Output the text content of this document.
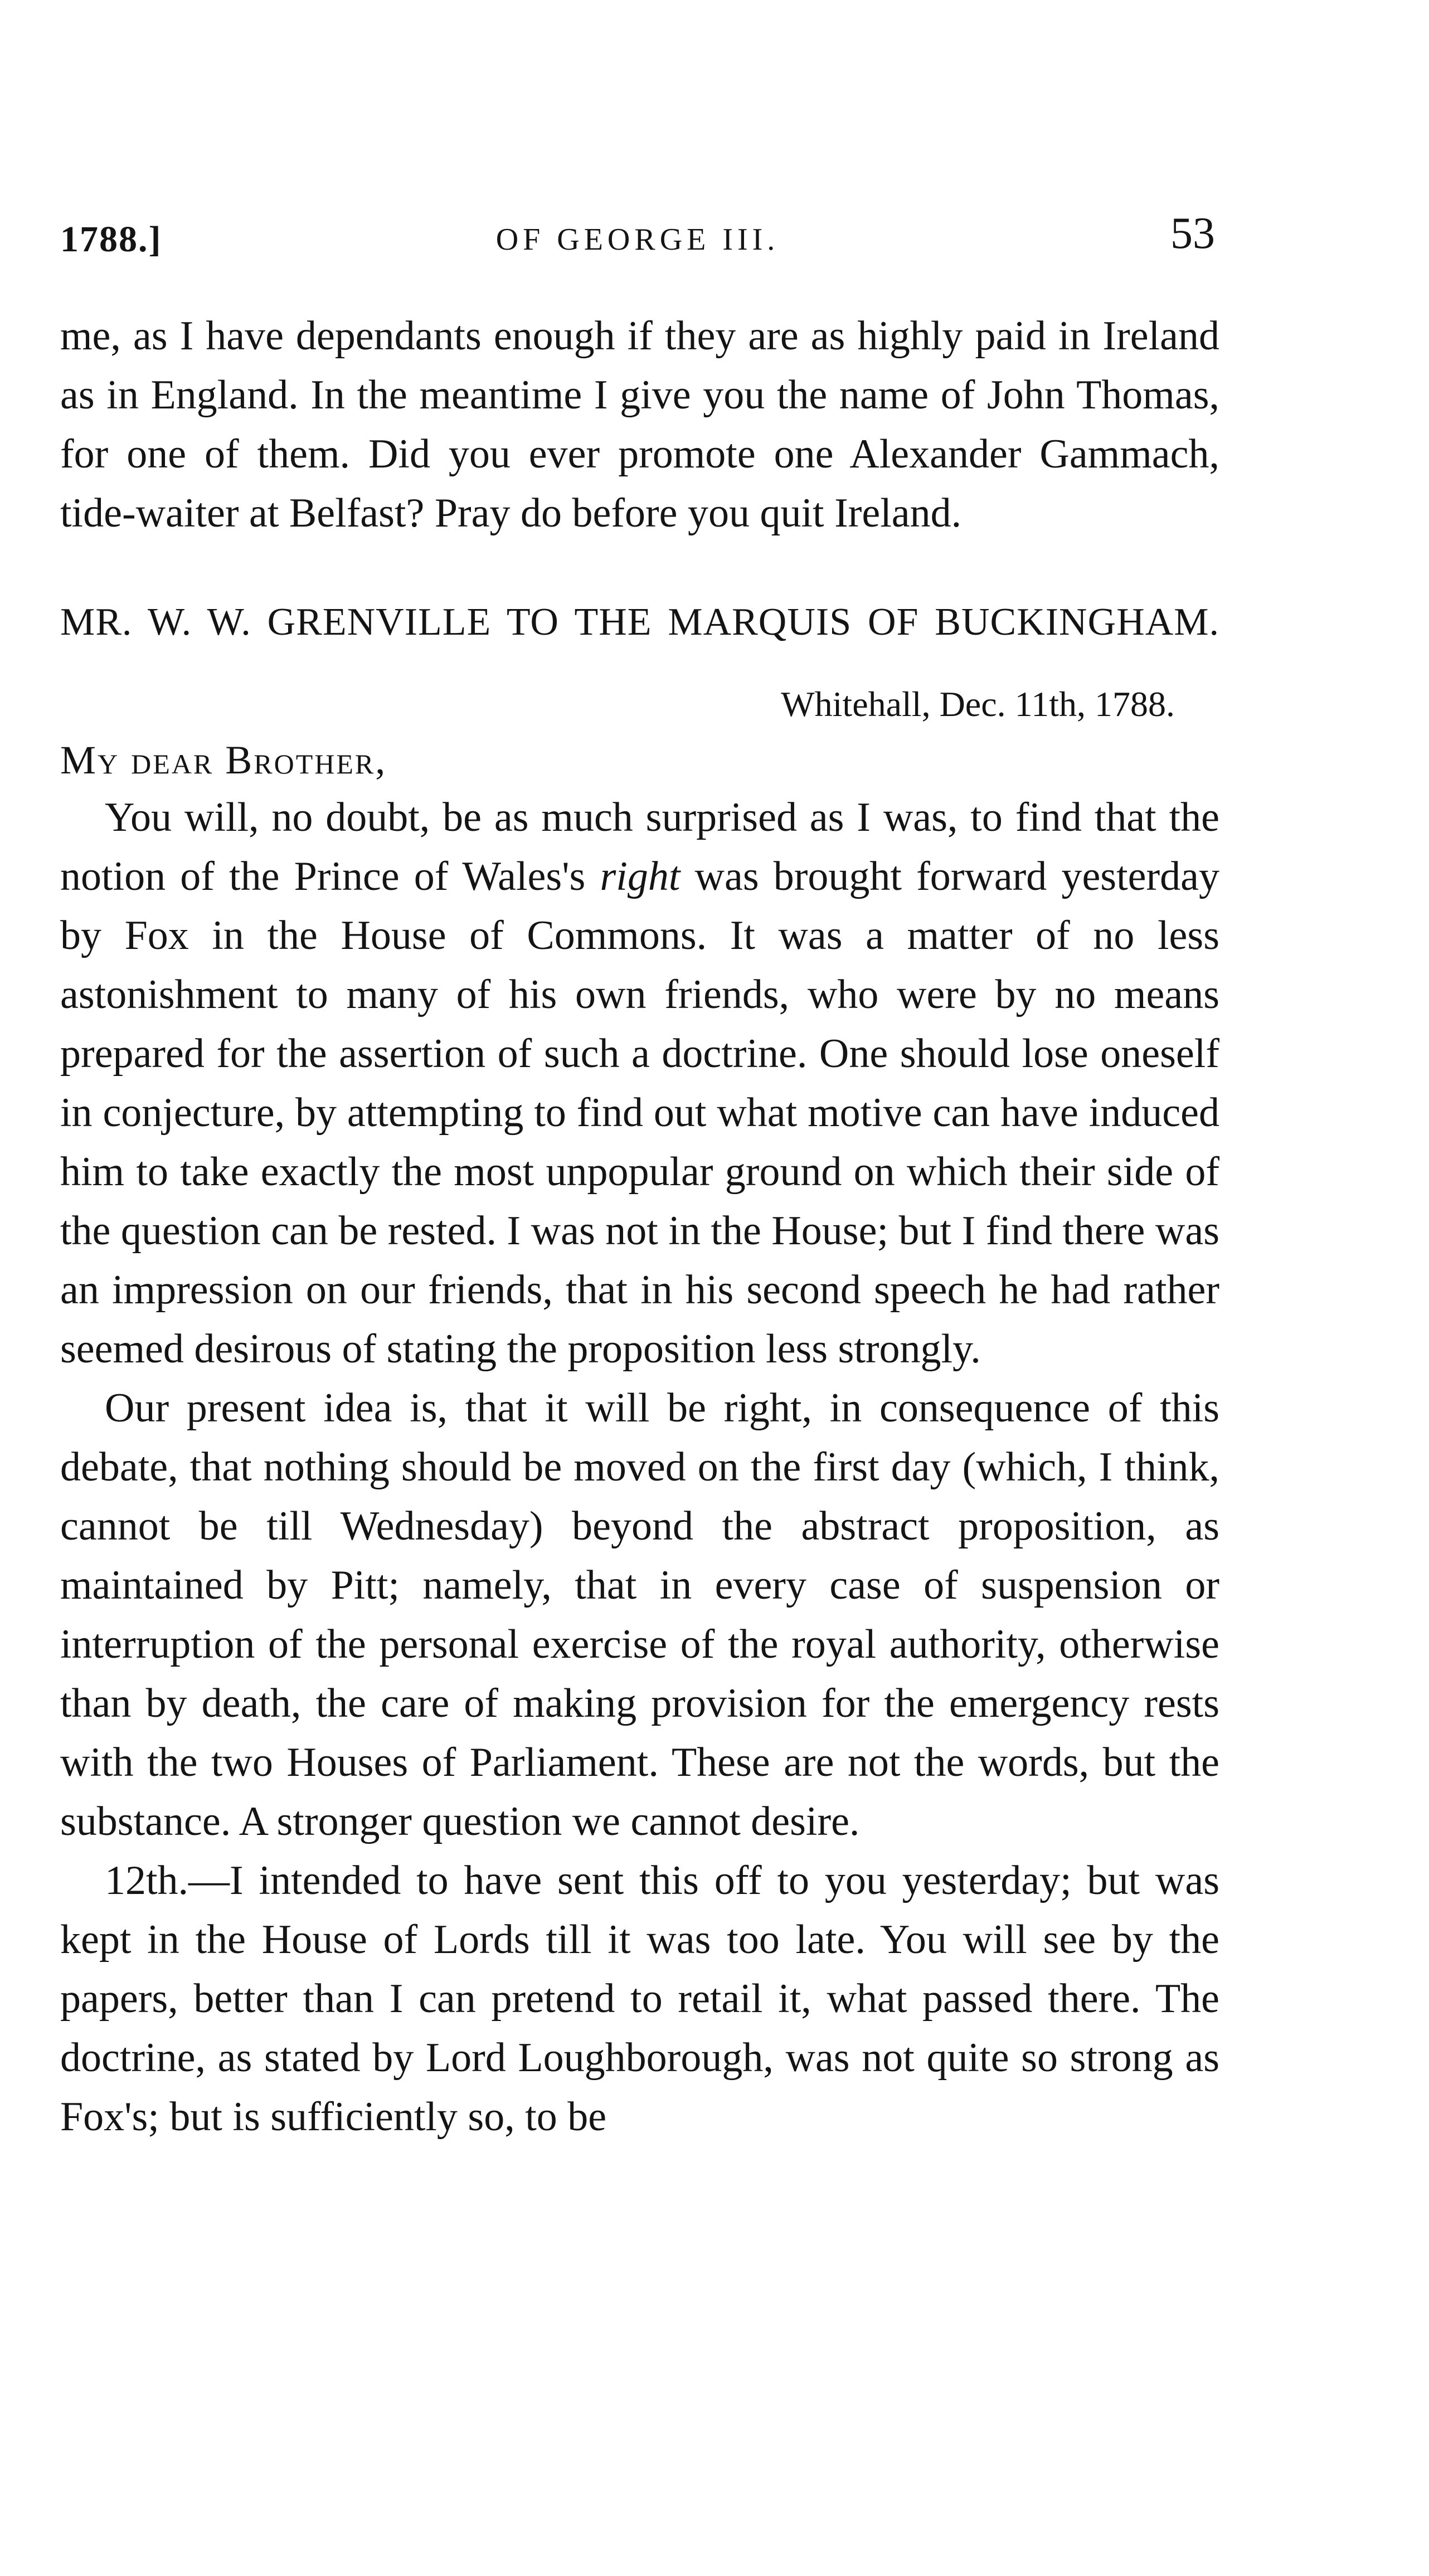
1788.]	OF GEORGE III.	53

me, as I have dependants enough if they are as highly paid in Ireland as in England. In the meantime I give you the name of John Thomas, for one of them. Did you ever promote one Alexander Gammach, tide-waiter at Belfast? Pray do before you quit Ireland.

MR. W. W. GRENVILLE TO THE MARQUIS OF BUCKINGHAM.

Whitehall, Dec. 11th, 1788.

My dear Brother,

You will, no doubt, be as much surprised as I was, to find that the notion of the Prince of Wales's right was brought forward yesterday by Fox in the House of Commons. It was a matter of no less astonishment to many of his own friends, who were by no means prepared for the assertion of such a doctrine. One should lose oneself in conjecture, by attempting to find out what motive can have induced him to take exactly the most unpopular ground on which their side of the question can be rested. I was not in the House; but I find there was an impression on our friends, that in his second speech he had rather seemed desirous of stating the proposition less strongly.

Our present idea is, that it will be right, in consequence of this debate, that nothing should be moved on the first day (which, I think, cannot be till Wednesday) beyond the abstract proposition, as maintained by Pitt; namely, that in every case of suspension or interruption of the personal exercise of the royal authority, otherwise than by death, the care of making provision for the emergency rests with the two Houses of Parliament. These are not the words, but the substance. A stronger question we cannot desire.

12th.—I intended to have sent this off to you yesterday; but was kept in the House of Lords till it was too late. You will see by the papers, better than I can pretend to retail it, what passed there. The doctrine, as stated by Lord Loughborough, was not quite so strong as Fox's; but is sufficiently so, to be
